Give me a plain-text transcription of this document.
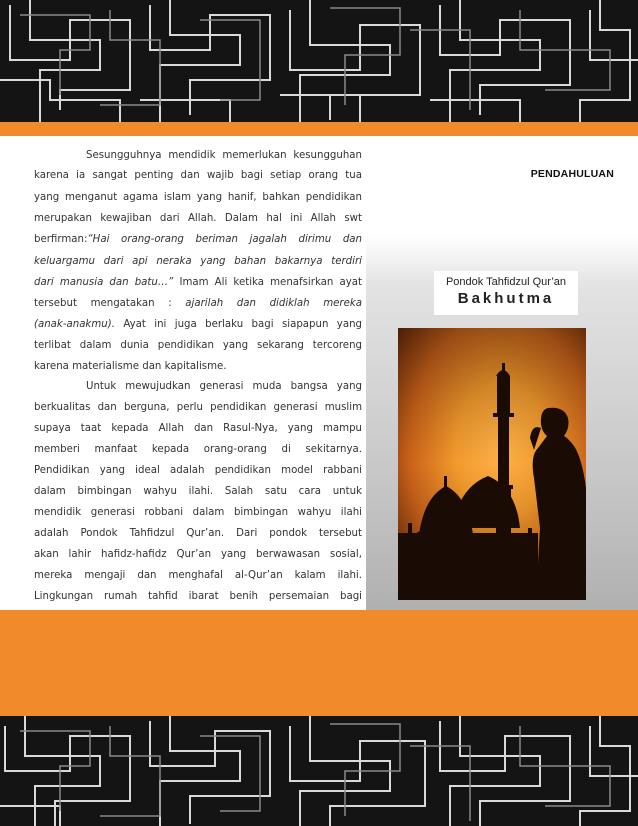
PENDAHULUAN
Pondok Tahfidzul Qur’an
Bakhutma

Sesungguhnya mendidik memerlukan kesungguhan

karena ia sangat penting dan wajib bagi setiap orang tua

yang menganut agama islam yang hanif, bahkan pendidikan

merupakan kewajiban dari Allah. Dalam hal ini Allah swt

berfirman:“Hai orang-orang beriman jagalah dirimu dan

keluargamu dari api neraka yang bahan bakarnya terdiri

dari manusia dan batu…” Imam Ali ketika menafsirkan ayat

tersebut mengatakan : ajarilah dan didiklah mereka

(anak-anakmu). Ayat ini juga berlaku bagi siapapun yang

terlibat dalam dunia pendidikan yang sekarang tercoreng

karena materialisme dan kapitalisme.

Untuk mewujudkan generasi muda bangsa yang

berkualitas dan berguna, perlu pendidikan generasi muslim

supaya taat kepada Allah dan Rasul-Nya, yang mampu

memberi manfaat kepada orang-orang di sekitarnya.

Pendidikan yang ideal adalah pendidikan model rabbani

dalam bimbingan wahyu ilahi. Salah satu cara untuk

mendidik generasi robbani dalam bimbingan wahyu ilahi

adalah Pondok Tahfidzul Qur’an. Dari pondok tersebut

akan lahir hafidz-hafidz Qur’an yang berwawasan sosial,

mereka mengaji dan menghafal al-Qur’an kalam ilahi.

Lingkungan rumah tahfid ibarat benih persemaian bagi
